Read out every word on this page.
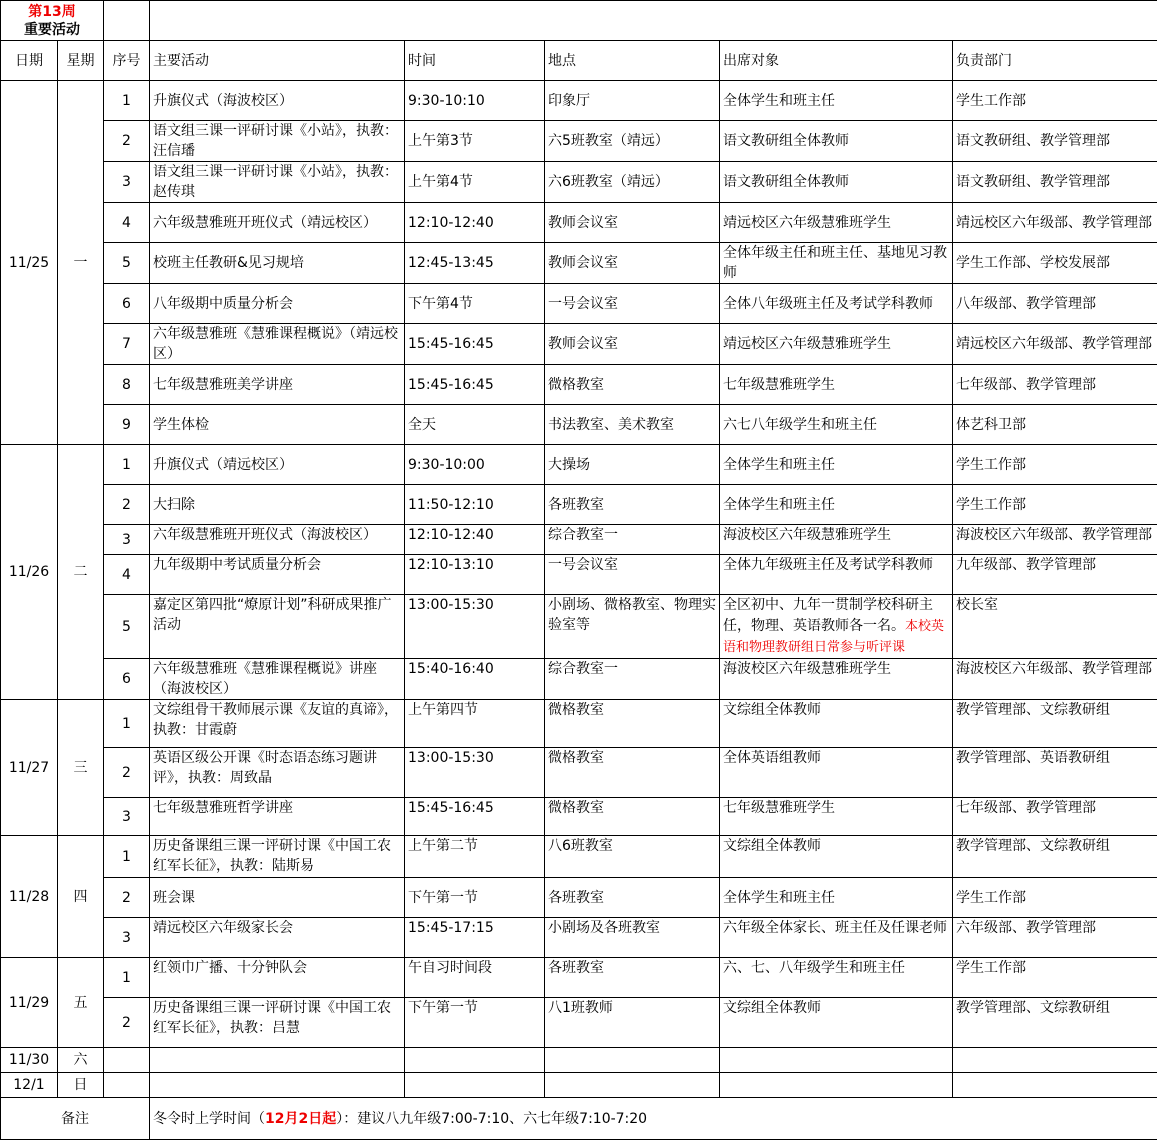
第13周
重要活动							

日期	星期	序号	主要活动	时间	地点	出席对象	负责部门
11/25	一	1	升旗仪式（海波校区）	9:30-10:10	印象厅	全体学生和班主任	学生工作部
		2	语文组三课一评研讨课《小站》，执教：汪信璠	上午第3节	六5班教室（靖远）	语文教研组全体教师	语文教研组、教学管理部
		3	语文组三课一评研讨课《小站》，执教：赵传琪	上午第4节	六6班教室（靖远）	语文教研组全体教师	语文教研组、教学管理部
		4	六年级慧雅班开班仪式（靖远校区）	12:10-12:40	教师会议室	靖远校区六年级慧雅班学生	靖远校区六年级部、教学管理部
		5	校班主任教研&见习规培	12:45-13:45	教师会议室	全体年级主任和班主任、基地见习教师	学生工作部、学校发展部
		6	八年级期中质量分析会	下午第4节	一号会议室	全体八年级班主任及考试学科教师	八年级部、教学管理部
		7	六年级慧雅班《慧雅课程概说》（靖远校区）	15:45-16:45	教师会议室	靖远校区六年级慧雅班学生	靖远校区六年级部、教学管理部
		8	七年级慧雅班美学讲座	15:45-16:45	微格教室	七年级慧雅班学生	七年级部、教学管理部
		9	学生体检	全天	书法教室、美术教室	六七八年级学生和班主任	体艺科卫部
11/26	二	1	升旗仪式（靖远校区）	9:30-10:00	大操场	全体学生和班主任	学生工作部
		2	大扫除	11:50-12:10	各班教室	全体学生和班主任	学生工作部
		3	六年级慧雅班开班仪式（海波校区）	12:10-12:40	综合教室一	海波校区六年级慧雅班学生	海波校区六年级部、教学管理部
		4	九年级期中考试质量分析会	12:10-13:10	一号会议室	全体九年级班主任及考试学科教师	九年级部、教学管理部
		5	嘉定区第四批“燎原计划”科研成果推广活动	13:00-15:30	小剧场、微格教室、物理实验室等	全区初中、九年一贯制学校科研主任，物理、英语教师各一名。本校英语和物理教研组日常参与听评课	校长室
		6	六年级慧雅班《慧雅课程概说》讲座（海波校区）	15:40-16:40	综合教室一	海波校区六年级慧雅班学生	海波校区六年级部、教学管理部
11/27	三	1	文综组骨干教师展示课《友谊的真谛》，执教：甘霞蔚	上午第四节	微格教室	文综组全体教师	教学管理部、文综教研组
		2	英语区级公开课《时态语态练习题讲评》，执教：周致晶	13:00-15:30	微格教室	全体英语组教师	教学管理部、英语教研组
		3	七年级慧雅班哲学讲座	15:45-16:45	微格教室	七年级慧雅班学生	七年级部、教学管理部
11/28	四	1	历史备课组三课一评研讨课《中国工农红军长征》，执教：陆斯易	上午第二节	八6班教室	文综组全体教师	教学管理部、文综教研组
		2	班会课	下午第一节	各班教室	全体学生和班主任	学生工作部
		3	靖远校区六年级家长会	15:45-17:15	小剧场及各班教室	六年级全体家长、班主任及任课老师	六年级部、教学管理部
11/29	五	1	红领巾广播、十分钟队会	午自习时间段	各班教室	六、七、八年级学生和班主任	学生工作部
		2	历史备课组三课一评研讨课《中国工农红军长征》，执教：吕慧	下午第一节	八1班教师	文综组全体教师	教学管理部、文综教研组
11/30	六						
12/1	日						
备注			冬令时上学时间（12月2日起）：建议八九年级7:00-7:10、六七年级7:10-7:20				
